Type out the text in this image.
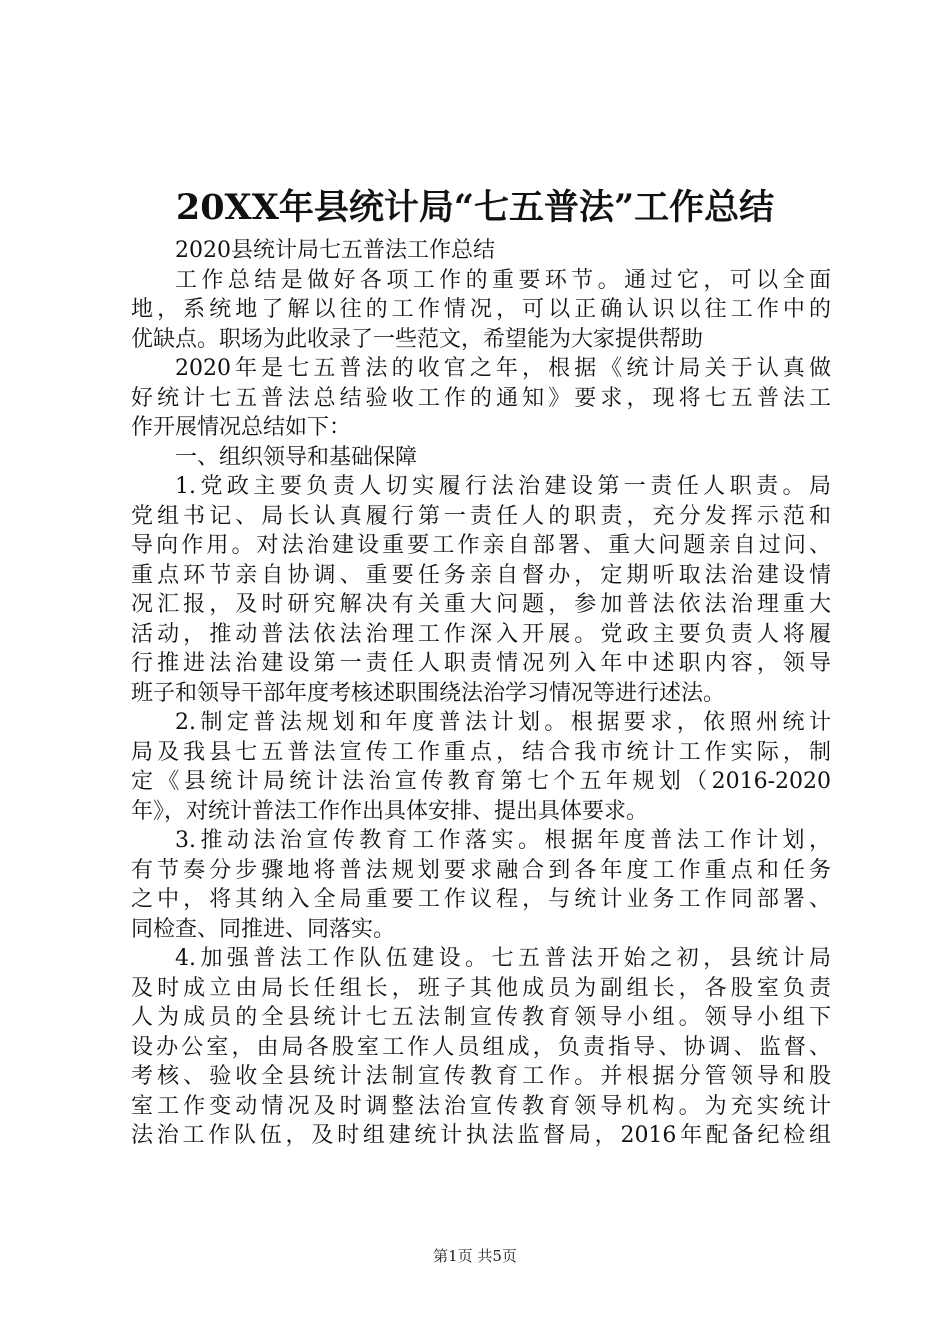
20XX年县统计局“七五普法”工作总结
2020县统计局七五普法工作总结
工作总结是做好各项工作的重要环节。通过它，可以全面
地，系统地了解以往的工作情况，可以正确认识以往工作中的
优缺点。职场为此收录了一些范文，希望能为大家提供帮助
2020年是七五普法的收官之年，根据《统计局关于认真做
好统计七五普法总结验收工作的通知》要求，现将七五普法工
作开展情况总结如下：
一、组织领导和基础保障
1.党政主要负责人切实履行法治建设第一责任人职责。局
党组书记、局长认真履行第一责任人的职责，充分发挥示范和
导向作用。对法治建设重要工作亲自部署、重大问题亲自过问、
重点环节亲自协调、重要任务亲自督办，定期听取法治建设情
况汇报，及时研究解决有关重大问题，参加普法依法治理重大
活动，推动普法依法治理工作深入开展。党政主要负责人将履
行推进法治建设第一责任人职责情况列入年中述职内容，领导
班子和领导干部年度考核述职围绕法治学习情况等进行述法。
2.制定普法规划和年度普法计划。根据要求，依照州统计
局及我县七五普法宣传工作重点，结合我市统计工作实际，制
定《县统计局统计法治宣传教育第七个五年规划（2016-2020
年》，对统计普法工作作出具体安排、提出具体要求。
3.推动法治宣传教育工作落实。根据年度普法工作计划，
有节奏分步骤地将普法规划要求融合到各年度工作重点和任务
之中，将其纳入全局重要工作议程，与统计业务工作同部署、
同检查、同推进、同落实。
4.加强普法工作队伍建设。七五普法开始之初，县统计局
及时成立由局长任组长，班子其他成员为副组长，各股室负责
人为成员的全县统计七五法制宣传教育领导小组。领导小组下
设办公室，由局各股室工作人员组成，负责指导、协调、监督、
考核、验收全县统计法制宣传教育工作。并根据分管领导和股
室工作变动情况及时调整法治宣传教育领导机构。为充实统计
法治工作队伍，及时组建统计执法监督局，2016年配备纪检组
第1页 共5页
